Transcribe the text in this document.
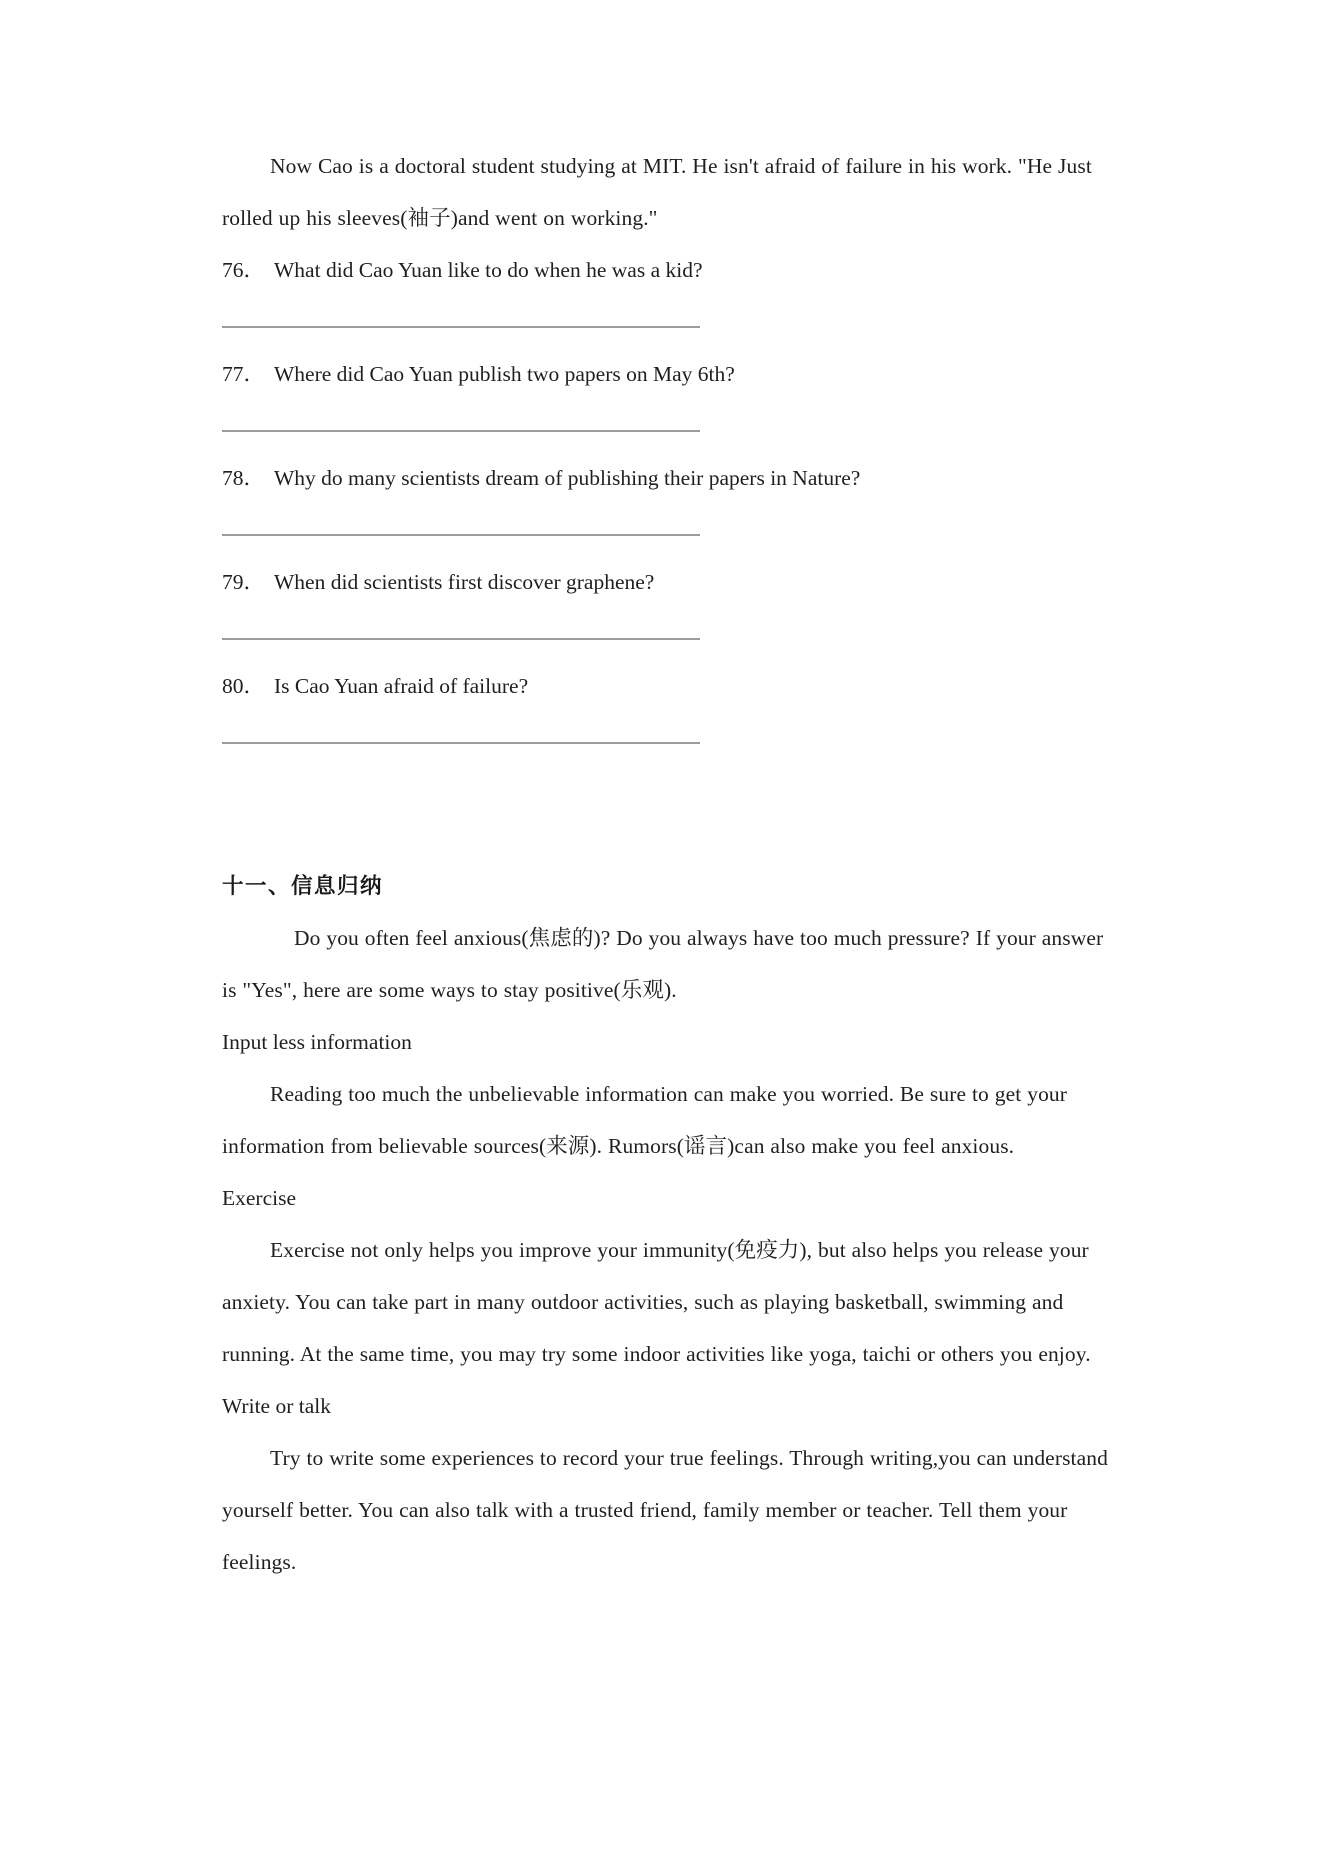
Now Cao is a doctoral student studying at MIT. He isn't afraid of failure in his work. "He Just rolled up his sleeves(袖子)and went on working."

76． What did Cao Yuan like to do when he was a kid?

77． Where did Cao Yuan publish two papers on May 6th?

78． Why do many scientists dream of publishing their papers in Nature?

79． When did scientists first discover graphene?

80． Is Cao Yuan afraid of failure?

十一、信息归纳

Do you often feel anxious(焦虑的)? Do you always have too much pressure? If your answer is "Yes", here are some ways to stay positive(乐观).

Input less information

Reading too much the unbelievable information can make you worried. Be sure to get your information from believable sources(来源). Rumors(谣言)can also make you feel anxious.

Exercise

Exercise not only helps you improve your immunity(免疫力), but also helps you release your anxiety. You can take part in many outdoor activities, such as playing basketball, swimming and running. At the same time, you may try some indoor activities like yoga, taichi or others you enjoy.

Write or talk

Try to write some experiences to record your true feelings. Through writing,you can understand yourself better. You can also talk with a trusted friend, family member or teacher. Tell them your feelings.
